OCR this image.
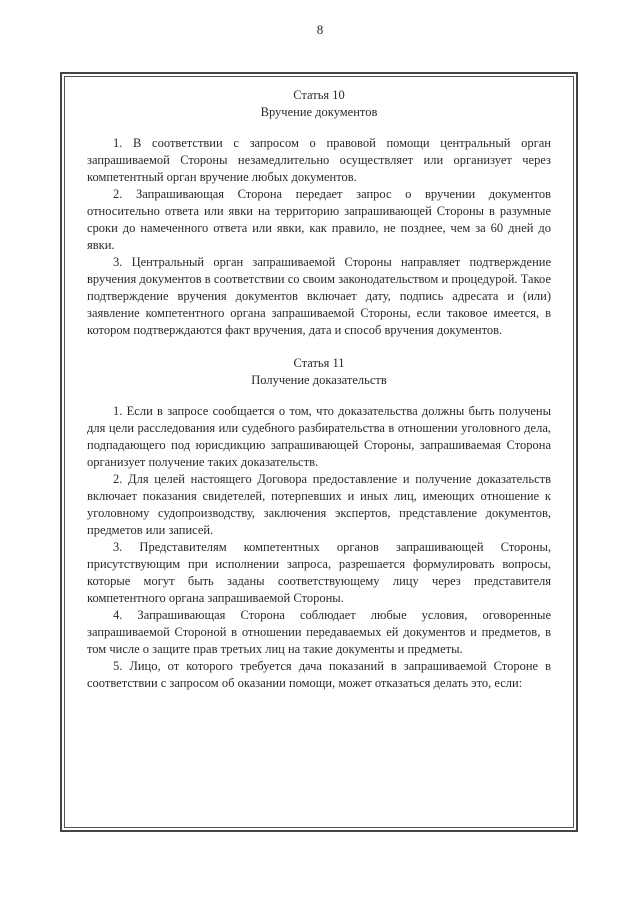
8
Статья 10
Вручение документов

1. В соответствии с запросом о правовой помощи центральный орган запрашиваемой Стороны незамедлительно осуществляет или организует через компетентный орган вручение любых документов.

2. Запрашивающая Сторона передает запрос о вручении документов относительно ответа или явки на территорию запрашивающей Стороны в разумные сроки до намеченного ответа или явки, как правило, не позднее, чем за 60 дней до явки.

3. Центральный орган запрашиваемой Стороны направляет подтверждение вручения документов в соответствии со своим законодательством и процедурой. Такое подтверждение вручения документов включает дату, подпись адресата и (или) заявление компетентного органа запрашиваемой Стороны, если таковое имеется, в котором подтверждаются факт вручения, дата и способ вручения документов.

Статья 11
Получение доказательств

1. Если в запросе сообщается о том, что доказательства должны быть получены для цели расследования или судебного разбирательства в отношении уголовного дела, подпадающего под юрисдикцию запрашивающей Стороны, запрашиваемая Сторона организует получение таких доказательств.

2. Для целей настоящего Договора предоставление и получение доказательств включает показания свидетелей, потерпевших и иных лиц, имеющих отношение к уголовному судопроизводству, заключения экспертов, представление документов, предметов или записей.

3. Представителям компетентных органов запрашивающей Стороны, присутствующим при исполнении запроса, разрешается формулировать вопросы, которые могут быть заданы соответствующему лицу через представителя компетентного органа запрашиваемой Стороны.

4. Запрашивающая Сторона соблюдает любые условия, оговоренные запрашиваемой Стороной в отношении передаваемых ей документов и предметов, в том числе о защите прав третьих лиц на такие документы и предметы.

5. Лицо, от которого требуется дача показаний в запрашиваемой Стороне в соответствии с запросом об оказании помощи, может отказаться делать это, если:
